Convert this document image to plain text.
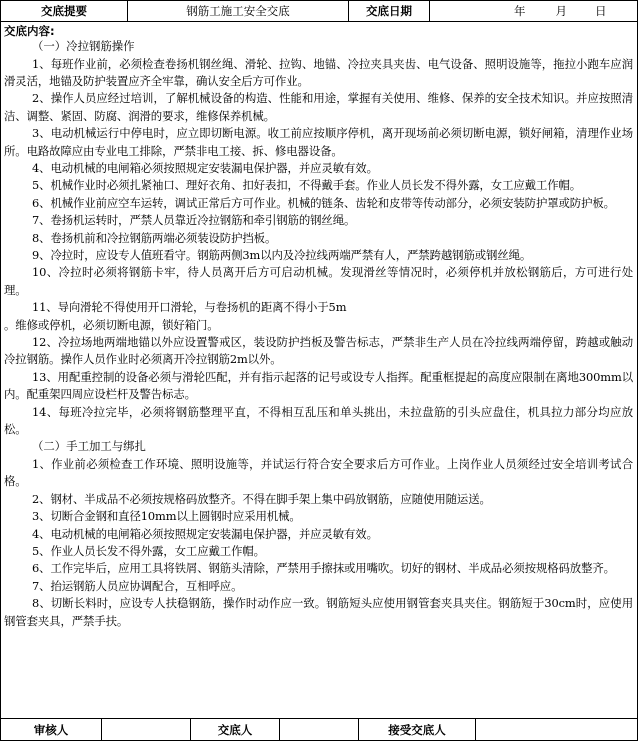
交底提要	钢筋工施工安全交底	交底日期	年	月 日
交底内容:
（一）冷拉钢筋操作

1、每班作业前，必须检查卷扬机钢丝绳、滑轮、拉钩、地锚、冷拉夹具夹齿、电气设备、照明设施等，拖拉小跑车应润滑灵活，地锚及防护装置应齐全牢靠，确认安全后方可作业。

2、操作人员应经过培训，了解机械设备的构造、性能和用途，掌握有关使用、维修、保养的安全技术知识。并应按照清洁、调整、紧固、防腐、润滑的要求，维修保养机械。

3、电动机械运行中停电时，应立即切断电源。收工前应按顺序停机，离开现场前必须切断电源，锁好闸箱，清理作业场所。电路故障应由专业电工排除，严禁非电工接、拆、修电器设备。

4、电动机械的电闸箱必须按照规定安装漏电保护器，并应灵敏有效。

5、机械作业时必须扎紧袖口、理好衣角、扣好表扣，不得戴手套。作业人员长发不得外露，女工应戴工作帽。

6、机械作业前应空车运转，调试正常后方可作业。机械的链条、齿轮和皮带等传动部分，必须安装防护罩或防护板。

7、卷扬机运转时，严禁人员靠近冷拉钢筋和牵引钢筋的钢丝绳。

8、卷扬机前和冷拉钢筋两端必须装设防护挡板。

9、冷拉时，应设专人值班看守。钢筋两侧3m以内及冷拉线两端严禁有人，严禁跨越钢筋或钢丝绳。

10、冷拉时必须将钢筋卡牢，待人员离开后方可启动机械。发现滑丝等情况时，必须停机并放松钢筋后，方可进行处理。

11、导向滑轮不得使用开口滑轮，与卷扬机的距离不得小于5m

。维修或停机，必须切断电源，锁好箱门。

12、冷拉场地两端地锚以外应设置警戒区，装设防护挡板及警告标志，严禁非生产人员在冷拉线两端停留，跨越或触动冷拉钢筋。操作人员作业时必须离开冷拉钢筋2m以外。

13、用配重控制的设备必须与滑轮匹配，并有指示起落的记号或设专人指挥。配重框提起的高度应限制在离地300mm以内。配重架四周应设栏杆及警告标志。

14、每班冷拉完毕，必须将钢筋整理平直，不得相互乱压和单头挑出，未拉盘筋的引头应盘住，机具拉力部分均应放松。

（二）手工加工与绑扎

1、作业前必须检查工作环境、照明设施等，并试运行符合安全要求后方可作业。上岗作业人员须经过安全培训考试合格。

2、钢材、半成品不必须按规格码放整齐。不得在脚手架上集中码放钢筋，应随使用随运送。

3、切断合金钢和直径10mm以上圆钢时应采用机械。

4、电动机械的电闸箱必须按照规定安装漏电保护器，并应灵敏有效。

5、作业人员长发不得外露，女工应戴工作帽。

6、工作完毕后，应用工具将铁屑、钢筋头清除，严禁用手擦抹或用嘴吹。切好的钢材、半成品必须按规格码放整齐。

7、抬运钢筋人员应协调配合，互相呼应。

8、切断长料时，应设专人扶稳钢筋，操作时动作应一致。钢筋短头应使用钢管套夹具夹住。钢筋短于30cm时，应使用钢管套夹具，严禁手扶。

审核人	交底人	接受交底人
